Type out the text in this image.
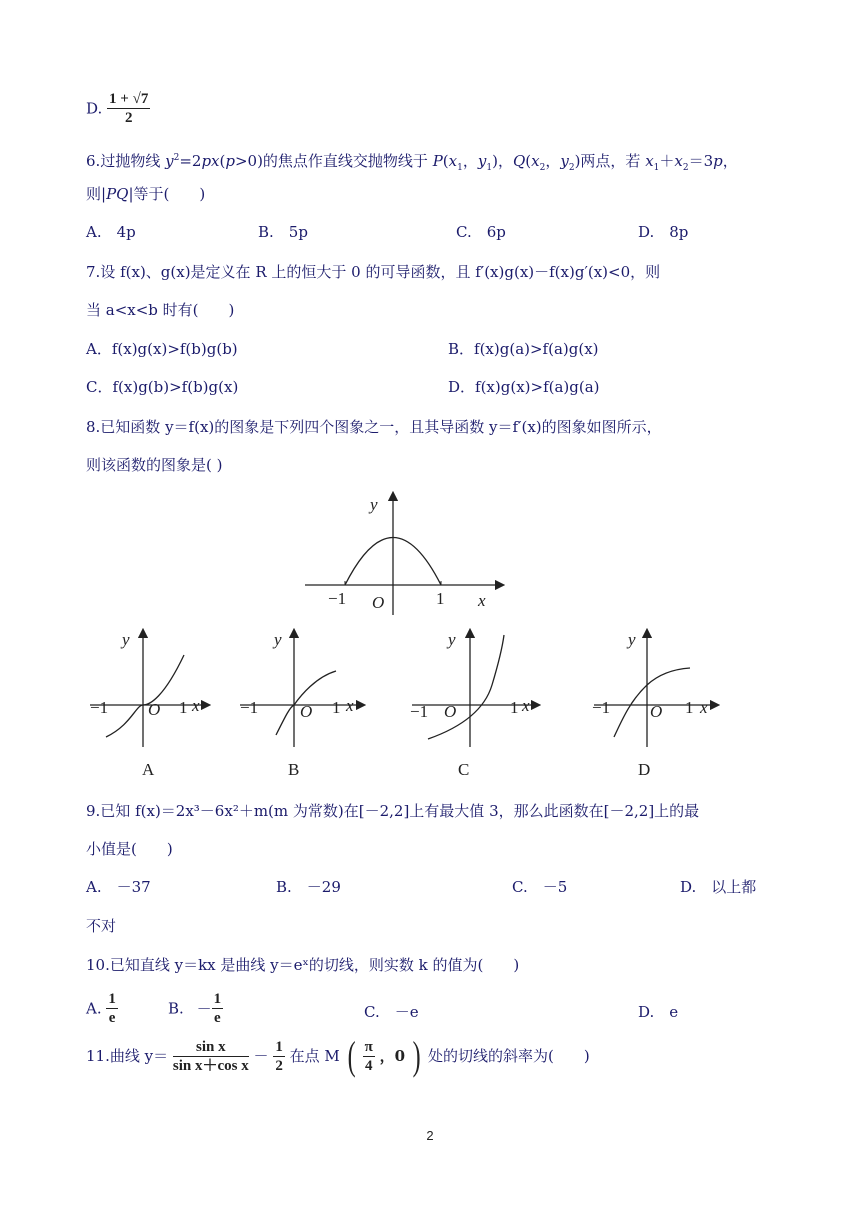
D. $\frac{1 + √7}{2}$
6.过抛物线 $y^2=2px(p>0)$的焦点作直线交抛物线于 $P(x_1$，$y_1$)，$Q(x_2$，$y_2$)两点，若 $x_1+x_2=3p$，
则|PQ|等于(　　)
A.　4p	B.　5p	C.　6p	D.　8p
7.设 f(x)、g(x)是定义在 R 上的恒大于 0 的可导函数，且 f′(x)g(x)－f(x)g′(x)<0，则
当 a<x<b 时有(　　)
A．f(x)g(x)>f(b)g(b)	B．f(x)g(a)>f(a)g(x)
C．f(x)g(b)>f(b)g(x)	D．f(x)g(x)>f(a)g(a)
8.已知函数 y＝f(x)的图象是下列四个图象之一，且其导函数 y＝f′(x)的图象如图所示，
则该函数的图象是( )
y
x
O
−1	1
y
x
O
−1	1
A
y
x
O
−1	1
B
y
x
O
−1	1
C
y
x
O
−1	1
D
9.已知 f(x)＝2x³－6x²＋m(m 为常数)在[－2,2]上有最大值 3，那么此函数在[－2,2]上的最
小值是(　　)
A.　－37	B.　－29	C.　－5	D.　以上都
不对
10.已知直线 y＝kx 是曲线 y＝eˣ的切线，则实数 k 的值为(　　)
A. $\frac{1}{e}$	B. － $\frac{1}{e}$	C.　－e	D.　e
11.曲线 $y= \frac{\text{sin x}}{\text{sin x＋cos x}} - \frac{1}{2}$ 在点 M ( $\frac{\pi}{4}$ ，0 ) 处的切线的斜率为(　　)
2
